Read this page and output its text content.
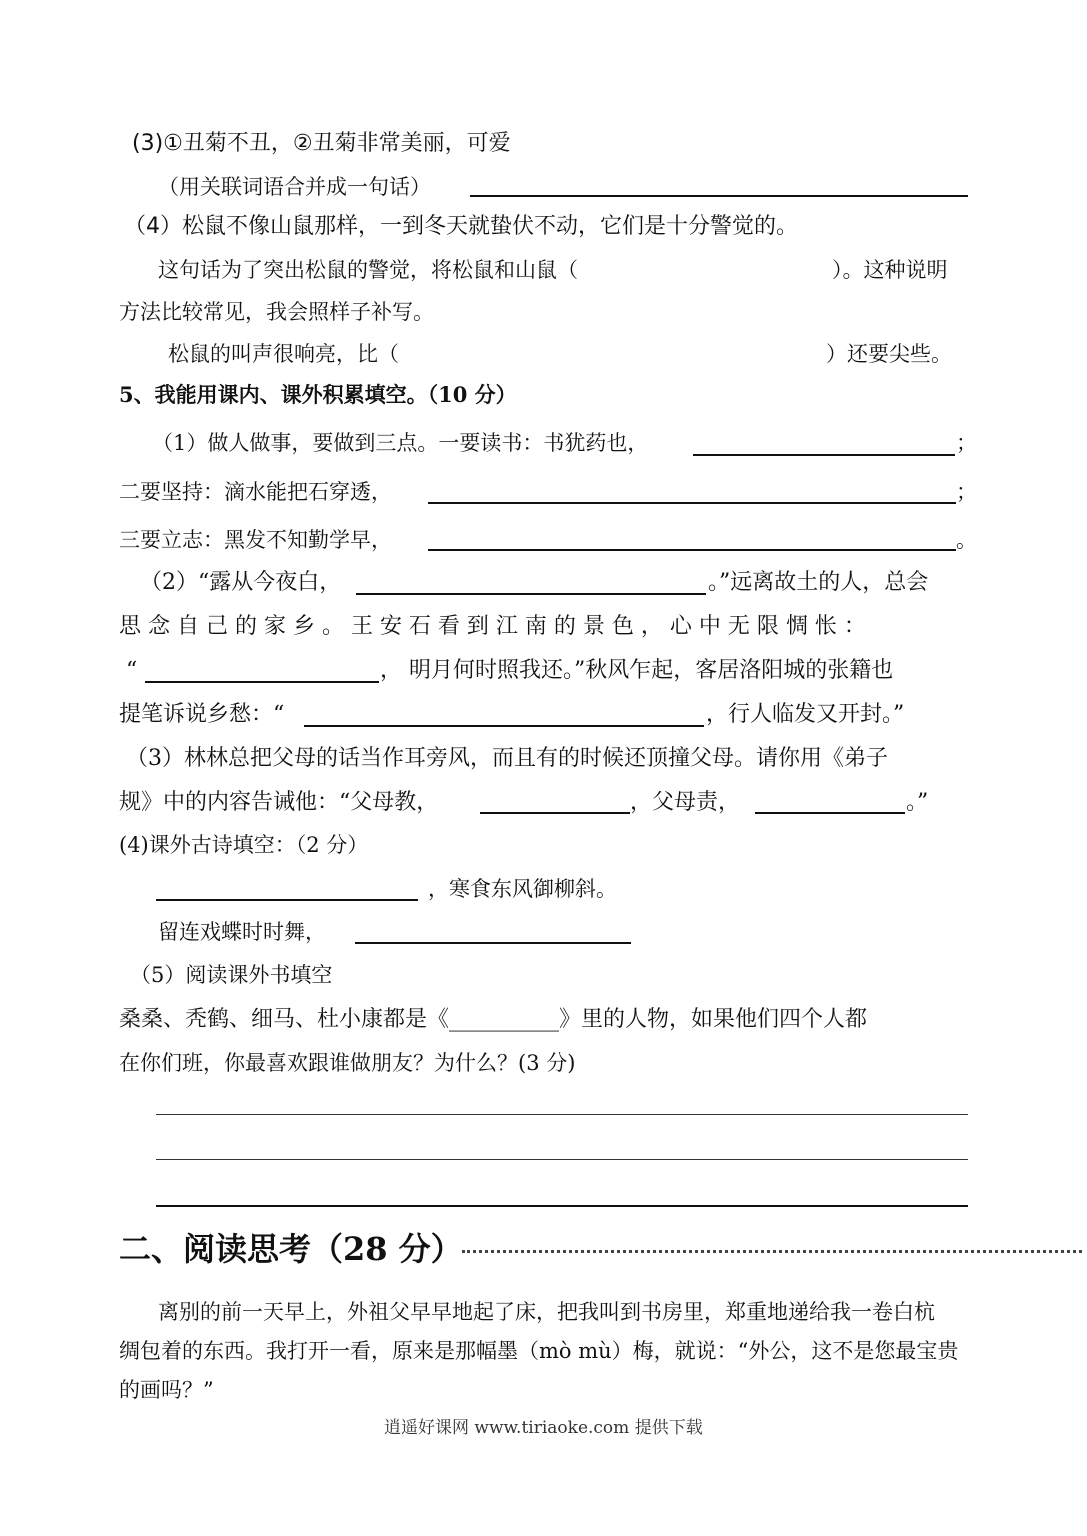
(3)①丑菊不丑，②丑菊非常美丽，可爱
（用关联词语合并成一句话）
（4）松鼠不像山鼠那样，一到冬天就蛰伏不动，它们是十分警觉的。
这句话为了突出松鼠的警觉，将松鼠和山鼠（	）。这种说明
方法比较常见，我会照样子补写。
松鼠的叫声很响亮，比（	）还要尖些。
5、我能用课内、课外积累填空。（10 分）
（1）做人做事，要做到三点。一要读书：书犹药也，	；
二要坚持：滴水能把石穿透，	；
三要立志：黑发不知勤学早，	。
（2）“露从今夜白，	。”远离故土的人，总会
思 念 自 己 的 家 乡 。 王 安 石 看 到 江 南 的 景 色 ， 心 中 无 限 惆 怅 ：
“	， 明月何时照我还。”秋风乍起，客居洛阳城的张籍也
提笔诉说乡愁：“	，行人临发又开封。”
（3）林林总把父母的话当作耳旁风，而且有的时候还顶撞父母。请你用《弟子
规》中的内容告诫他：“父母教，	，父母责，	。”
(4)课外古诗填空：（2 分）
，寒食东风御柳斜。
留连戏蝶时时舞，
（5）阅读课外书填空
桑桑、秃鹤、细马、杜小康都是《__________》里的人物，如果他们四个人都
在你们班，你最喜欢跟谁做朋友？为什么？(3 分)
二、阅读思考（28 分）
离别的前一天早上，外祖父早早地起了床，把我叫到书房里，郑重地递给我一卷白杭
绸包着的东西。我打开一看，原来是那幅墨（mò mù）梅，就说：“外公，这不是您最宝贵
的画吗？”
逍遥好课网 www.tiriaoke.com 提供下载
